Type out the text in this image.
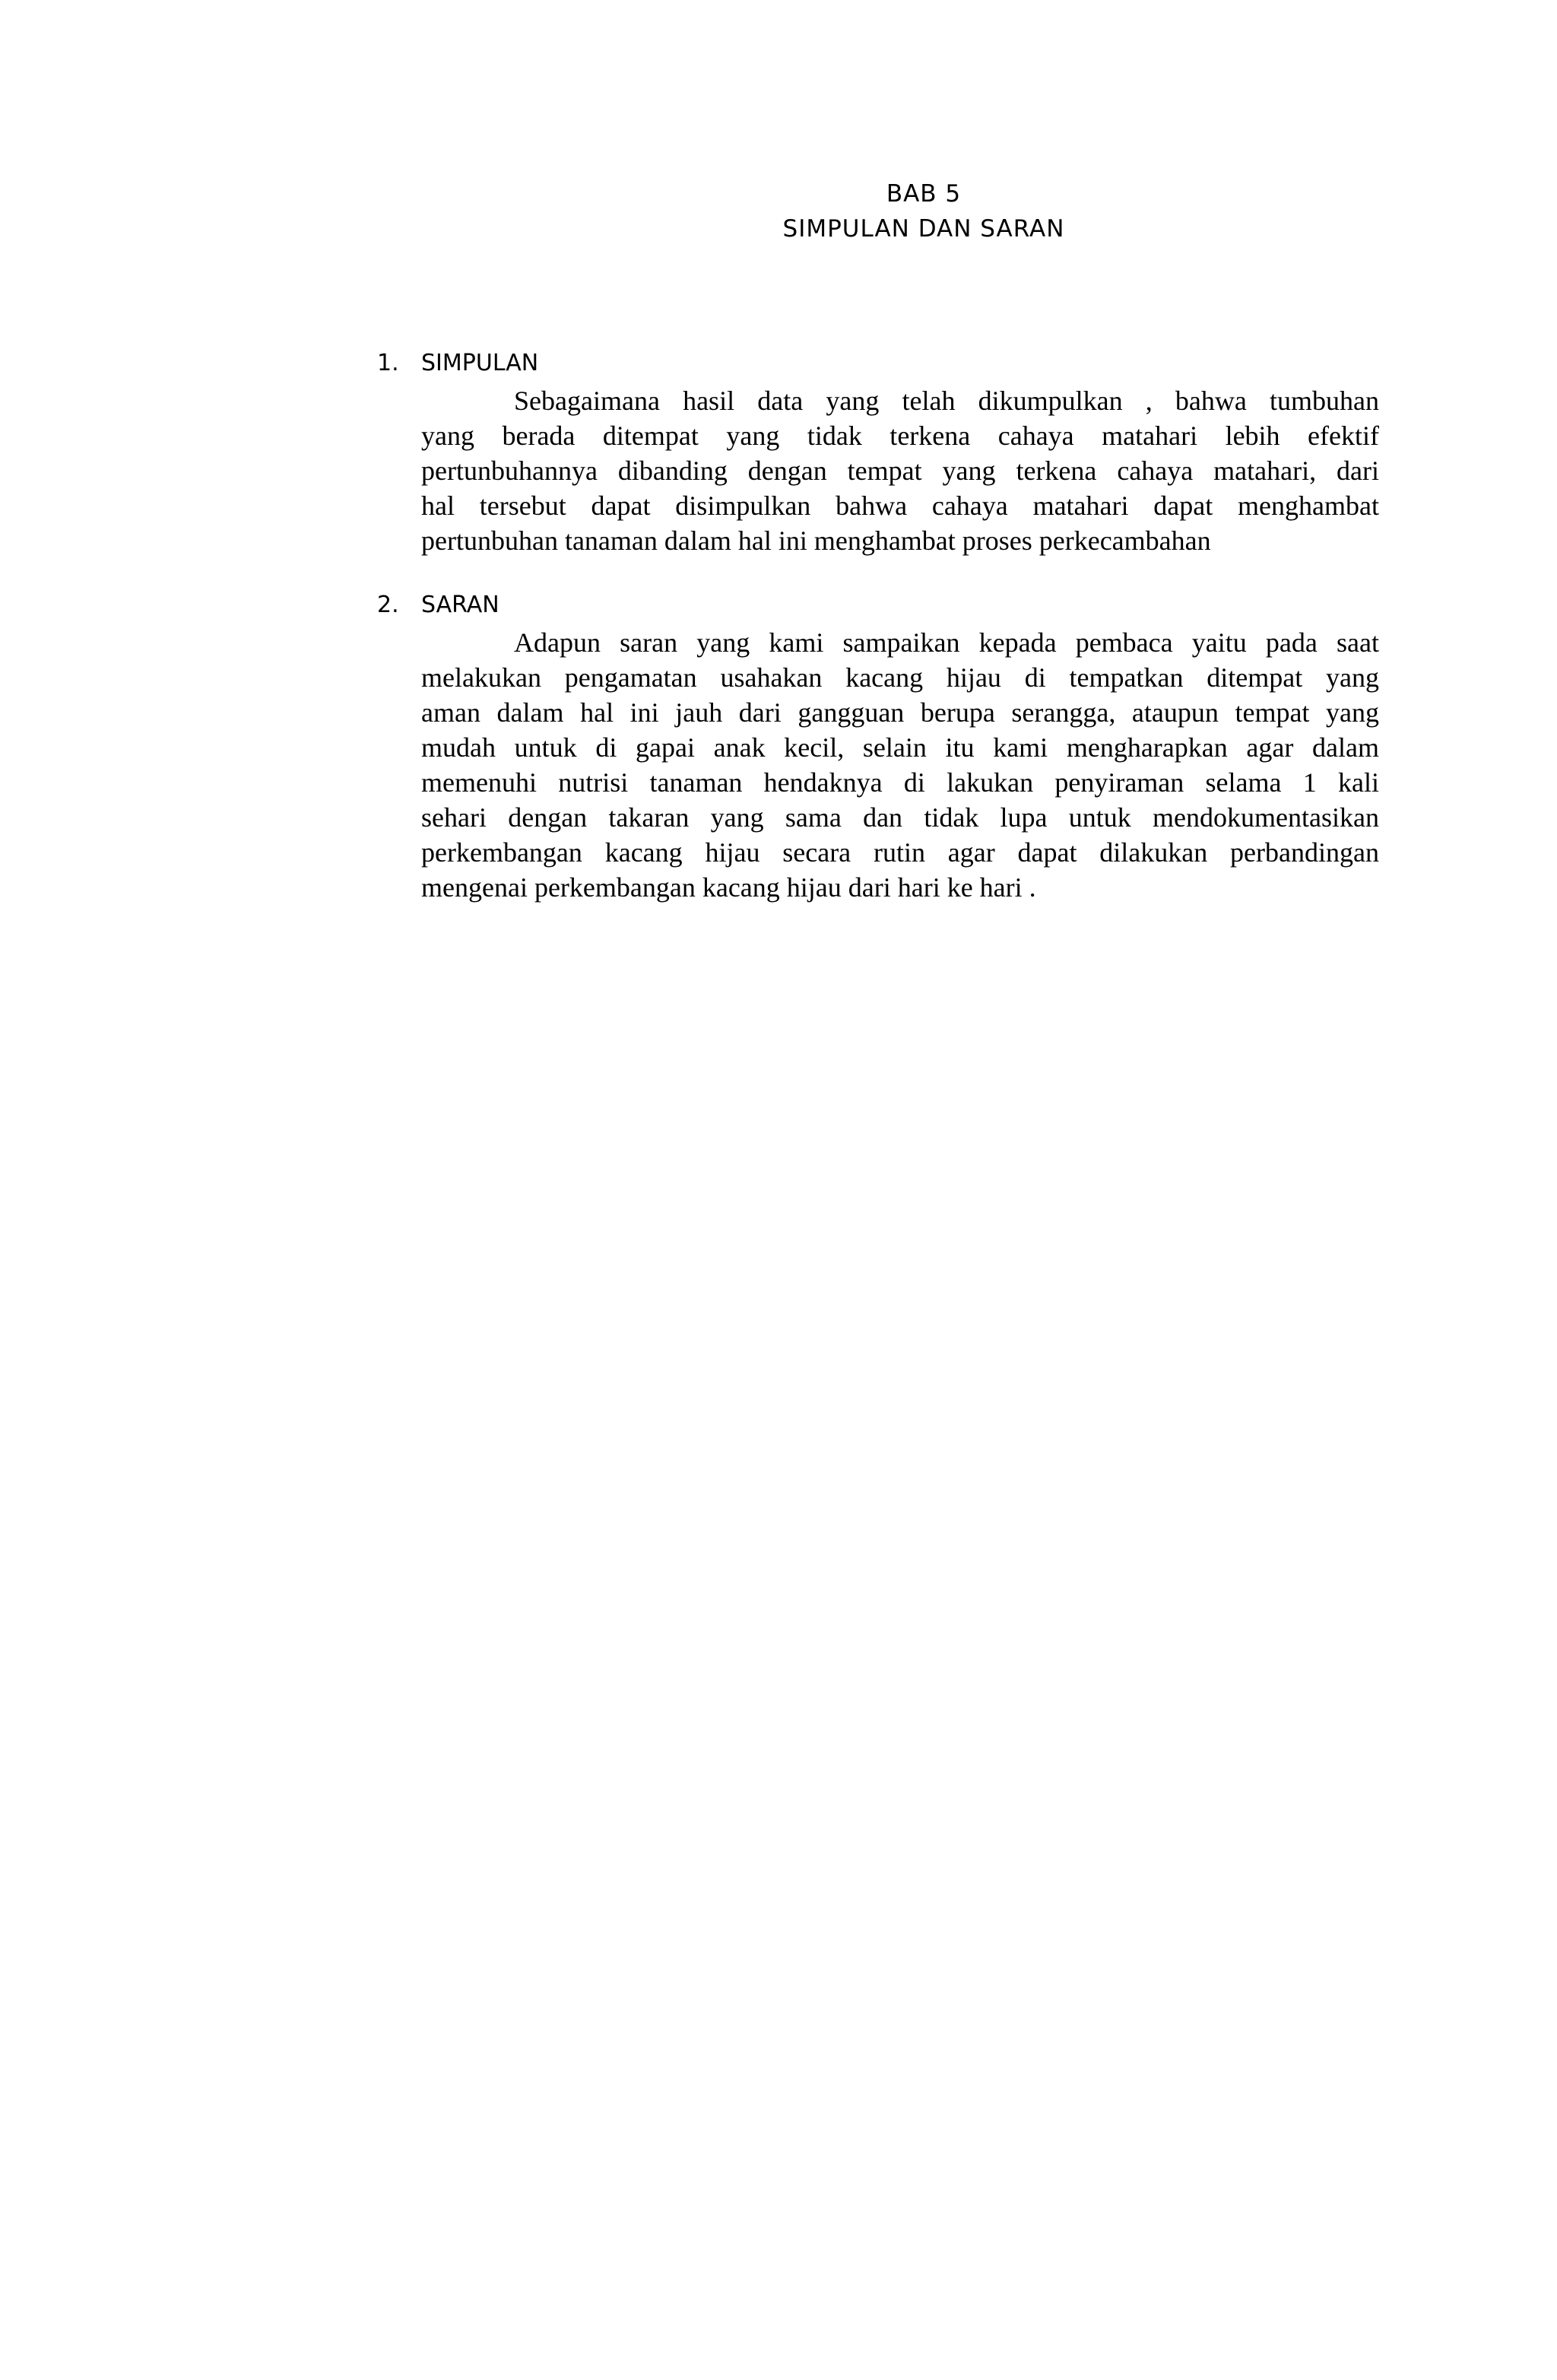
BAB 5
SIMPULAN DAN SARAN
1. SIMPULAN
Sebagaimana hasil data yang telah dikumpulkan , bahwa tumbuhan
yang berada ditempat yang tidak terkena cahaya matahari lebih efektif
pertunbuhannya dibanding dengan tempat yang terkena cahaya matahari, dari
hal tersebut dapat disimpulkan bahwa cahaya matahari dapat menghambat
pertunbuhan tanaman dalam hal ini menghambat proses perkecambahan
2. SARAN
Adapun saran yang kami sampaikan kepada pembaca yaitu pada saat
melakukan pengamatan usahakan kacang hijau di tempatkan ditempat yang
aman dalam hal ini jauh dari gangguan berupa serangga, ataupun tempat yang
mudah untuk di gapai anak kecil, selain itu kami mengharapkan agar dalam
memenuhi nutrisi tanaman hendaknya di lakukan penyiraman selama 1 kali
sehari dengan takaran yang sama dan tidak lupa untuk mendokumentasikan
perkembangan kacang hijau secara rutin agar dapat dilakukan perbandingan
mengenai perkembangan kacang hijau dari hari ke hari .
